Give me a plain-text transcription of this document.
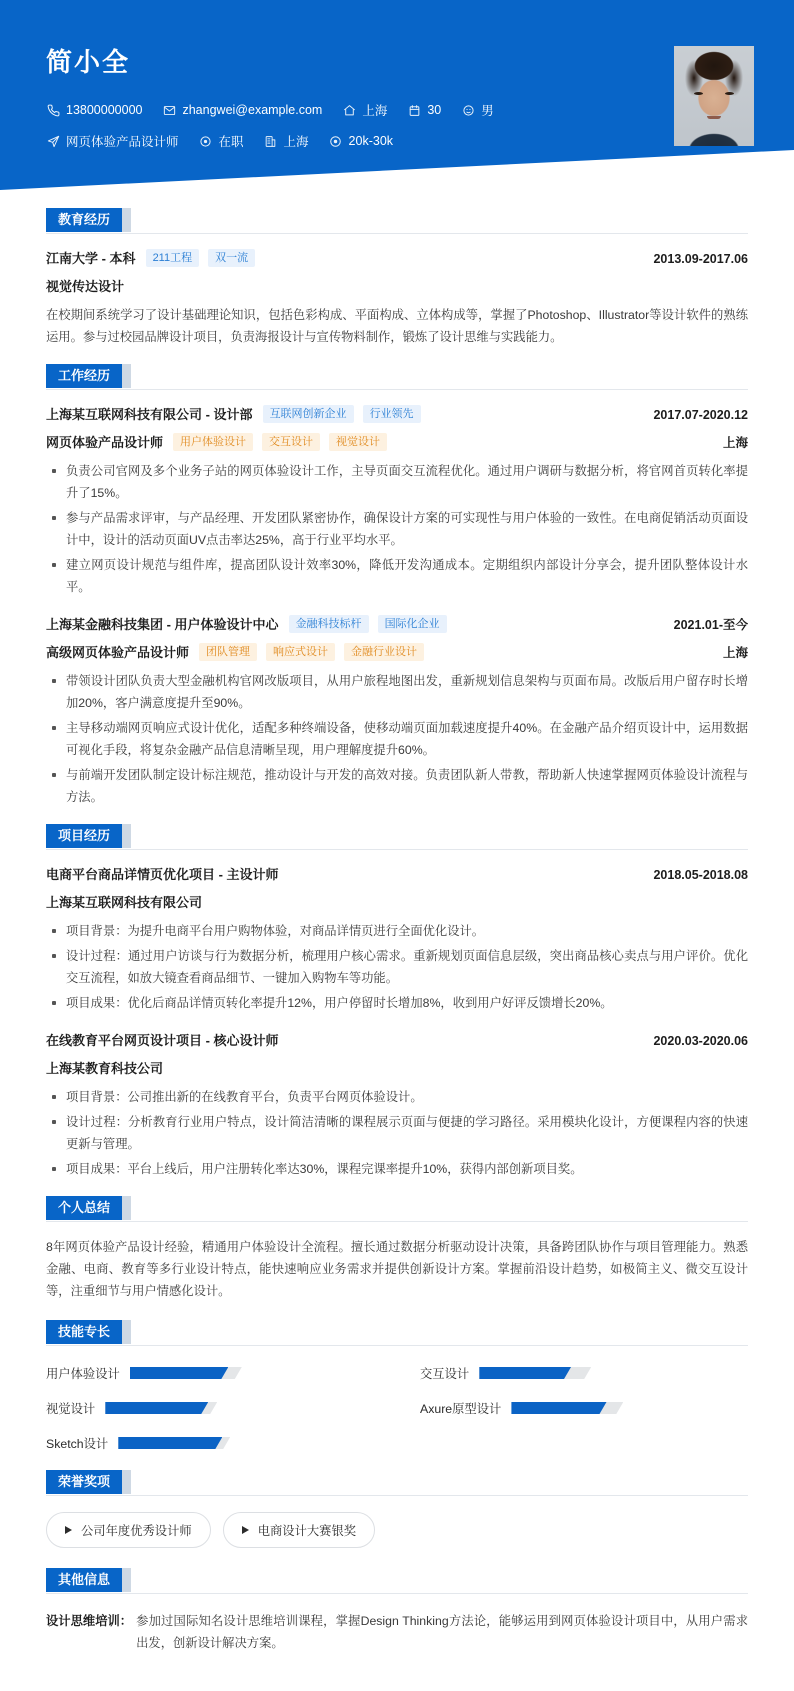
简小全
13800000000	zhangwei@example.com	上海	30	男
网页体验产品设计师	在职	上海	20k-30k
教育经历
江南大学 - 本科	211工程	双一流	2013.09-2017.06
视觉传达设计
在校期间系统学习了设计基础理论知识，包括色彩构成、平面构成、立体构成等，掌握了Photoshop、Illustrator等设计软件的熟练运用。参与过校园品牌设计项目，负责海报设计与宣传物料制作，锻炼了设计思维与实践能力。
工作经历
上海某互联网科技有限公司 - 设计部	互联网创新企业	行业领先	2017.07-2020.12
网页体验产品设计师	用户体验设计	交互设计	视觉设计	上海
负责公司官网及多个业务子站的网页体验设计工作，主导页面交互流程优化。通过用户调研与数据分析，将官网首页转化率提升了15%。
参与产品需求评审，与产品经理、开发团队紧密协作，确保设计方案的可实现性与用户体验的一致性。在电商促销活动页面设计中，设计的活动页面UV点击率达25%，高于行业平均水平。
建立网页设计规范与组件库，提高团队设计效率30%，降低开发沟通成本。定期组织内部设计分享会，提升团队整体设计水平。
上海某金融科技集团 - 用户体验设计中心	金融科技标杆	国际化企业	2021.01-至今
高级网页体验产品设计师	团队管理	响应式设计	金融行业设计	上海
带领设计团队负责大型金融机构官网改版项目，从用户旅程地图出发，重新规划信息架构与页面布局。改版后用户留存时长增加20%，客户满意度提升至90%。
主导移动端网页响应式设计优化，适配多种终端设备，使移动端页面加载速度提升40%。在金融产品介绍页设计中，运用数据可视化手段，将复杂金融产品信息清晰呈现，用户理解度提升60%。
与前端开发团队制定设计标注规范，推动设计与开发的高效对接。负责团队新人带教，帮助新人快速掌握网页体验设计流程与方法。
项目经历
电商平台商品详情页优化项目 - 主设计师	2018.05-2018.08
上海某互联网科技有限公司
项目背景：为提升电商平台用户购物体验，对商品详情页进行全面优化设计。
设计过程：通过用户访谈与行为数据分析，梳理用户核心需求。重新规划页面信息层级，突出商品核心卖点与用户评价。优化交互流程，如放大镜查看商品细节、一键加入购物车等功能。
项目成果：优化后商品详情页转化率提升12%，用户停留时长增加8%，收到用户好评反馈增长20%。
在线教育平台网页设计项目 - 核心设计师	2020.03-2020.06
上海某教育科技公司
项目背景：公司推出新的在线教育平台，负责平台网页体验设计。
设计过程：分析教育行业用户特点，设计简洁清晰的课程展示页面与便捷的学习路径。采用模块化设计，方便课程内容的快速更新与管理。
项目成果：平台上线后，用户注册转化率达30%，课程完课率提升10%，获得内部创新项目奖。
个人总结
8年网页体验产品设计经验，精通用户体验设计全流程。擅长通过数据分析驱动设计决策，具备跨团队协作与项目管理能力。熟悉金融、电商、教育等多行业设计特点，能快速响应业务需求并提供创新设计方案。掌握前沿设计趋势，如极简主义、微交互设计等，注重细节与用户情感化设计。
技能专长
用户体验设计	交互设计
视觉设计	Axure原型设计
Sketch设计
荣誉奖项
公司年度优秀设计师	电商设计大赛银奖
其他信息
设计思维培训： 参加过国际知名设计思维培训课程，掌握Design Thinking方法论，能够运用到网页体验设计项目中，从用户需求出发，创新设计解决方案。
